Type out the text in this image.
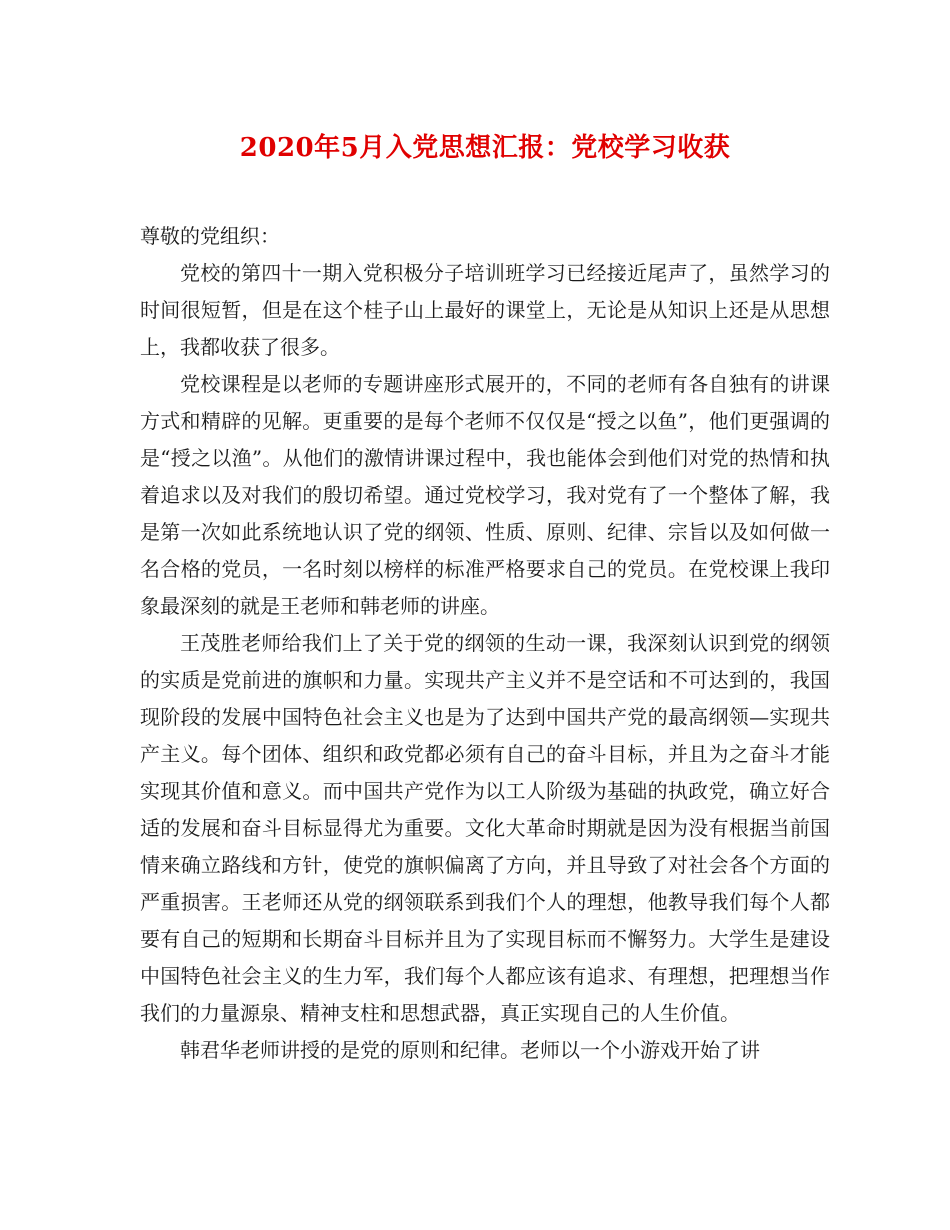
2020年5月入党思想汇报：党校学习收获

尊敬的党组织：

党校的第四十一期入党积极分子培训班学习已经接近尾声了，虽然学习的时间很短暂，但是在这个桂子山上最好的课堂上，无论是从知识上还是从思想上，我都收获了很多。

党校课程是以老师的专题讲座形式展开的，不同的老师有各自独有的讲课方式和精辟的见解。更重要的是每个老师不仅仅是“授之以鱼”，他们更强调的是“授之以渔”。从他们的激情讲课过程中，我也能体会到他们对党的热情和执着追求以及对我们的殷切希望。通过党校学习，我对党有了一个整体了解，我是第一次如此系统地认识了党的纲领、性质、原则、纪律、宗旨以及如何做一名合格的党员，一名时刻以榜样的标准严格要求自己的党员。在党校课上我印象最深刻的就是王老师和韩老师的讲座。

王茂胜老师给我们上了关于党的纲领的生动一课，我深刻认识到党的纲领的实质是党前进的旗帜和力量。实现共产主义并不是空话和不可达到的，我国现阶段的发展中国特色社会主义也是为了达到中国共产党的最高纲领—实现共产主义。每个团体、组织和政党都必须有自己的奋斗目标，并且为之奋斗才能实现其价值和意义。而中国共产党作为以工人阶级为基础的执政党，确立好合适的发展和奋斗目标显得尤为重要。文化大革命时期就是因为没有根据当前国情来确立路线和方针，使党的旗帜偏离了方向，并且导致了对社会各个方面的严重损害。王老师还从党的纲领联系到我们个人的理想，他教导我们每个人都要有自己的短期和长期奋斗目标并且为了实现目标而不懈努力。大学生是建设中国特色社会主义的生力军，我们每个人都应该有追求、有理想，把理想当作我们的力量源泉、精神支柱和思想武器，真正实现自己的人生价值。

韩君华老师讲授的是党的原则和纪律。老师以一个小游戏开始了讲
